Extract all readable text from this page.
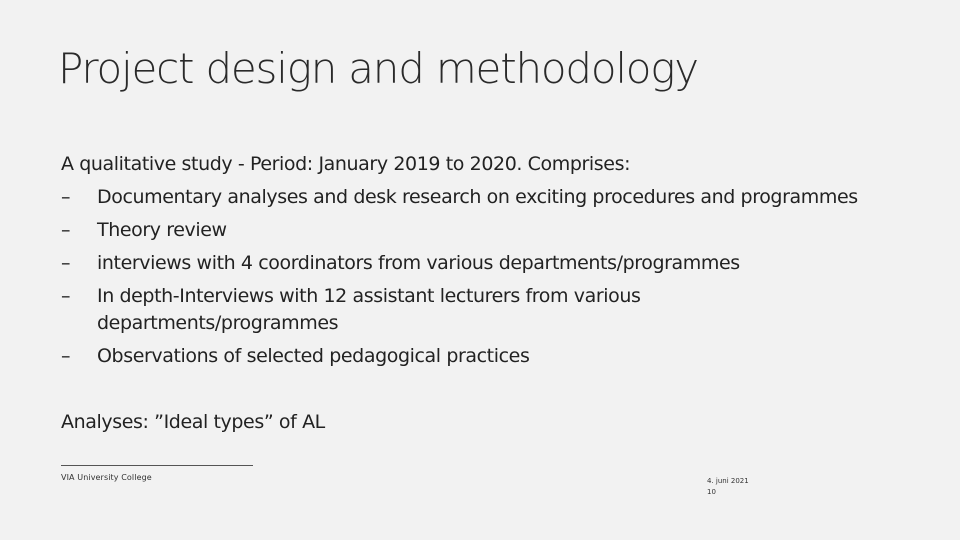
Project design and methodology
A qualitative study - Period: January 2019 to 2020. Comprises:
– Documentary analyses and desk research on exciting procedures and programmes
– Theory review
– interviews with 4 coordinators from various departments/programmes
– In depth-Interviews with 12 assistant lecturers from various departments/programmes
– Observations of selected pedagogical practices
Analyses: ”Ideal types” of AL
VIA University College	4. juni 2021
10
